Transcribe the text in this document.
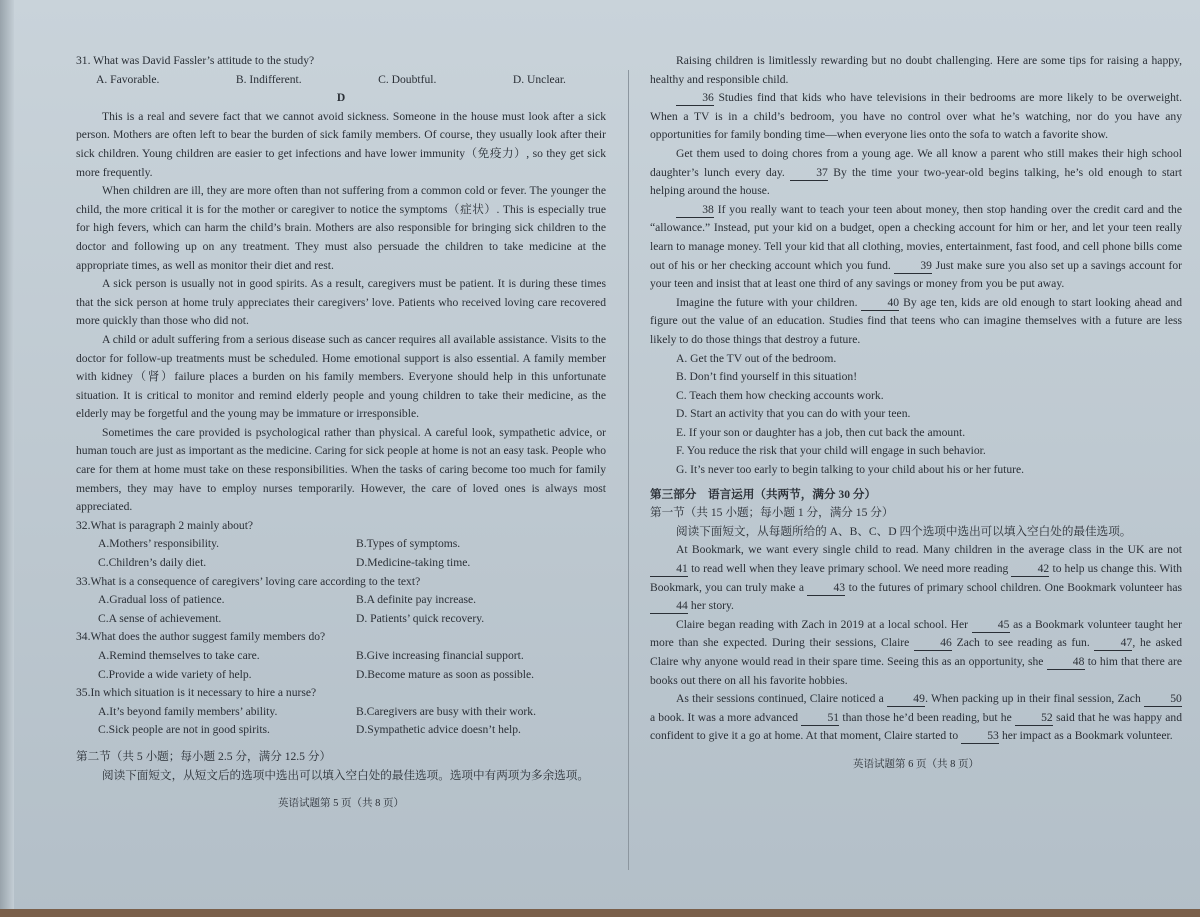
31. What was David Fassler’s attitude to the study?
A. Favorable.	B. Indifferent.	C. Doubtful.	D. Unclear.
D

This is a real and severe fact that we cannot avoid sickness. Someone in the house must look after a sick person. Mothers are often left to bear the burden of sick family members. Of course, they usually look after their sick children. Young children are easier to get infections and have lower immunity（免疫力）, so they get sick more frequently.

When children are ill, they are more often than not suffering from a common cold or fever. The younger the child, the more critical it is for the mother or caregiver to notice the symptoms（症状）. This is especially true for high fevers, which can harm the child’s brain. Mothers are also responsible for bringing sick children to the doctor and following up on any treatment. They must also persuade the children to take medicine at the appropriate times, as well as monitor their diet and rest.

A sick person is usually not in good spirits. As a result, caregivers must be patient. It is during these times that the sick person at home truly appreciates their caregivers’ love. Patients who received loving care recovered more quickly than those who did not.

A child or adult suffering from a serious disease such as cancer requires all available assistance. Visits to the doctor for follow-up treatments must be scheduled. Home emotional support is also essential. A family member with kidney（肾）failure places a burden on his family members. Everyone should help in this unfortunate situation. It is critical to monitor and remind elderly people and young children to take their medicine, as the elderly may be forgetful and the young may be immature or irresponsible.

Sometimes the care provided is psychological rather than physical. A careful look, sympathetic advice, or human touch are just as important as the medicine. Caring for sick people at home is not an easy task. People who care for them at home must take on these responsibilities. When the tasks of caring become too much for family members, they may have to employ nurses temporarily. However, the care of loved ones is always most appreciated.

32.What is paragraph 2 mainly about?
A.Mothers’ responsibility.	B.Types of symptoms.
C.Children’s daily diet.	D.Medicine-taking time.
33.What is a consequence of caregivers’ loving care according to the text?
A.Gradual loss of patience.	B.A definite pay increase.
C.A sense of achievement.	D. Patients’ quick recovery.
34.What does the author suggest family members do?
A.Remind themselves to take care.	B.Give increasing financial support.
C.Provide a wide variety of help.	D.Become mature as soon as possible.
35.In which situation is it necessary to hire a nurse?
A.It’s beyond family members’ ability.	B.Caregivers are busy with their work.
C.Sick people are not in good spirits.	D.Sympathetic advice doesn’t help.

第二节（共 5 小题；每小题 2.5 分，满分 12.5 分）

阅读下面短文，从短文后的选项中选出可以填入空白处的最佳选项。选项中有两项为多余选项。

英语试题第 5 页（共 8 页）

Raising children is limitlessly rewarding but no doubt challenging. Here are some tips for raising a happy, healthy and responsible child.

36 Studies find that kids who have televisions in their bedrooms are more likely to be overweight. When a TV is in a child’s bedroom, you have no control over what he’s watching, nor do you have any opportunities for family bonding time—when everyone lies onto the sofa to watch a favorite show.

Get them used to doing chores from a young age. We all know a parent who still makes their high school daughter’s lunch every day.	37 By the time your two-year-old begins talking, he’s old enough to start helping around the house.

38 If you really want to teach your teen about money, then stop handing over the credit card and the “allowance.” Instead, put your kid on a budget, open a checking account for him or her, and let your teen really learn to manage money. Tell your kid that all clothing, movies, entertainment, fast food, and cell phone bills come out of his or her checking account which you fund.	39 Just make sure you also set up a savings account for your teen and insist that at least one third of any savings or money from you be put away.

Imagine the future with your children.	40 By age ten, kids are old enough to start looking ahead and figure out the value of an education. Studies find that teens who can imagine themselves with a future are less likely to do those things that destroy a future.

A. Get the TV out of the bedroom.

B. Don’t find yourself in this situation!

C. Teach them how checking accounts work.

D. Start an activity that you can do with your teen.

E. If your son or daughter has a job, then cut back the amount.

F. You reduce the risk that your child will engage in such behavior.

G. It’s never too early to begin talking to your child about his or her future.

第三部分　语言运用（共两节，满分 30 分）

第一节（共 15 小题；每小题 1 分，满分 15 分）

阅读下面短文，从每题所给的 A、B、C、D 四个选项中选出可以填入空白处的最佳选项。

At Bookmark, we want every single child to read. Many children in the average class in the UK are not 41 to read well when they leave primary school. We need more reading	42 to help us change this. With Bookmark, you can truly make a	43 to the futures of primary school children. One Bookmark volunteer has 44 her story.

Claire began reading with Zach in 2019 at a local school. Her	45 as a Bookmark volunteer taught her more than she expected. During their sessions, Claire	46 Zach to see reading as fun.	47, he asked Claire why anyone would read in their spare time. Seeing this as an opportunity, she	48 to him that there are books out there on all his favorite hobbies.

As their sessions continued, Claire noticed a	49. When packing up in their final session, Zach	50 a book. It was a more advanced	51 than those he’d been reading, but he	52 said that he was happy and confident to give it a go at home. At that moment, Claire started to	53 her impact as a Bookmark volunteer.

英语试题第 6 页（共 8 页）
